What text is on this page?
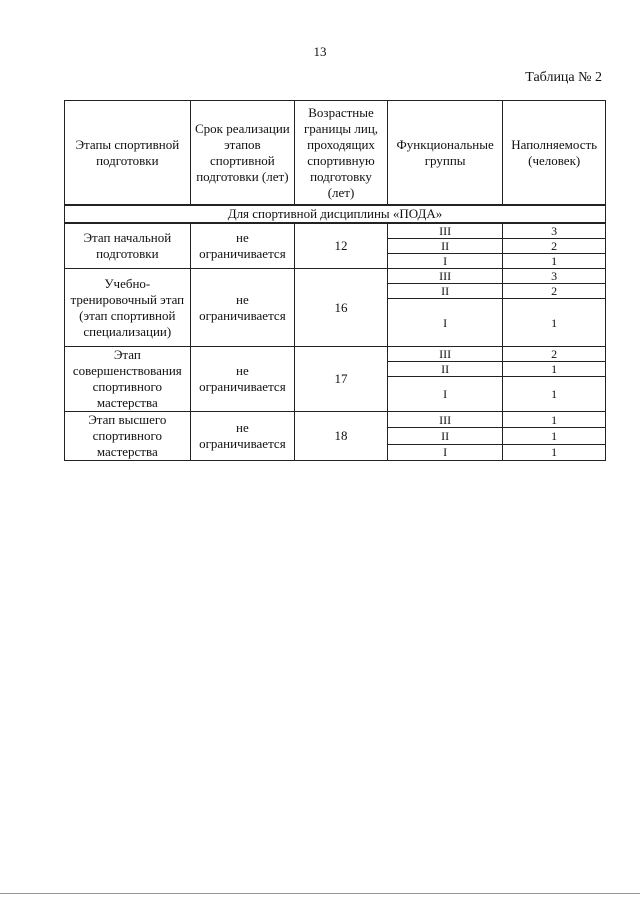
13
Таблица № 2
Этапы спортивной подготовки	Срок реализации этапов спортивной подготовки (лет)	Возрастные границы лиц, проходящих спортивную подготовку (лет)	Функциональные группы	Наполняемость (человек)
Для спортивной дисциплины «ПОДА»				
Этап начальной подготовки	не ограничивается	12	III	3
			II	2
			I	1
Учебно-тренировочный этап (этап спортивной специализации)	не ограничивается	16	III	3
			II	2
			I	1
Этап совершенствования спортивного мастерства	не ограничивается	17	III	2
			II	1
			I	1
Этап высшего спортивного мастерства	не ограничивается	18	III	1
			II	1
			I	1
